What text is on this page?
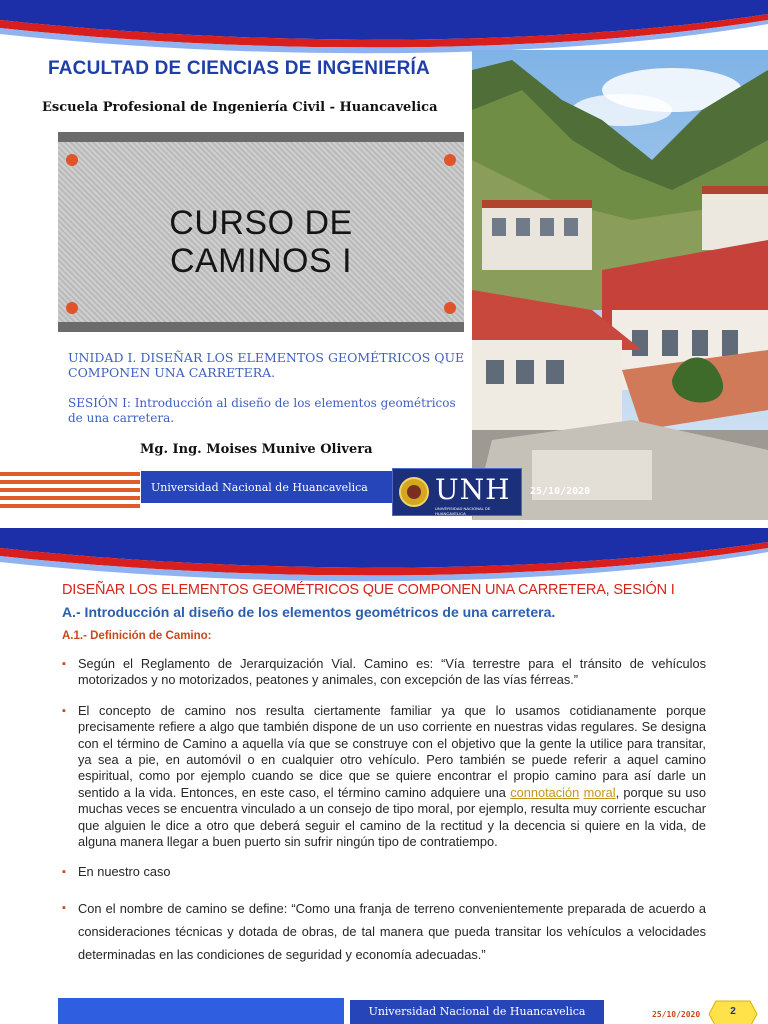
FACULTAD DE CIENCIAS DE INGENIERÍA
Escuela Profesional de Ingeniería Civil - Huancavelica
CURSO DE
CAMINOS I
UNIDAD I. DISEÑAR LOS ELEMENTOS GEOMÉTRICOS QUE COMPONEN UNA CARRETERA.
SESIÓN I: Introducción al diseño de los elementos geométricos de una carretera.
Mg. Ing. Moises Munive Olivera
Universidad Nacional de Huancavelica	UNH
UNIVERSIDAD NACIONAL DE HUANCAVELICA
25/10/2020
DISEÑAR LOS ELEMENTOS GEOMÉTRICOS QUE COMPONEN UNA CARRETERA, SESIÓN I
A.- Introducción al diseño de los elementos geométricos de una carretera.
A.1.- Definición de Camino:
▪ Según el Reglamento de Jerarquización Vial. Camino es: “Vía terrestre para el tránsito de vehículos motorizados y no motorizados, peatones y animales, con excepción de las vías férreas.”
▪ El concepto de camino nos resulta ciertamente familiar ya que lo usamos cotidianamente porque precisamente refiere a algo que también dispone de un uso corriente en nuestras vidas regulares. Se designa con el término de Camino a aquella vía que se construye con el objetivo que la gente la utilice para transitar, ya sea a pie, en automóvil o en cualquier otro vehículo. Pero también se puede referir a aquel camino espiritual, como por ejemplo cuando se dice que se quiere encontrar el propio camino para así darle un sentido a la vida. Entonces, en este caso, el término camino adquiere una connotación moral, porque su uso muchas veces se encuentra vinculado a un consejo de tipo moral, por ejemplo, resulta muy corriente escuchar que alguien le dice a otro que deberá seguir el camino de la rectitud y la decencia si quiere en la vida, de alguna manera llegar a buen puerto sin sufrir ningún tipo de contratiempo.
▪ En nuestro caso
▪ Con el nombre de camino se define: “Como una franja de terreno convenientemente preparada de acuerdo a consideraciones técnicas y dotada de obras, de tal manera que pueda transitar los vehículos a velocidades determinadas en las condiciones de seguridad y economía adecuadas.”
Universidad Nacional de Huancavelica	25/10/2020	2
